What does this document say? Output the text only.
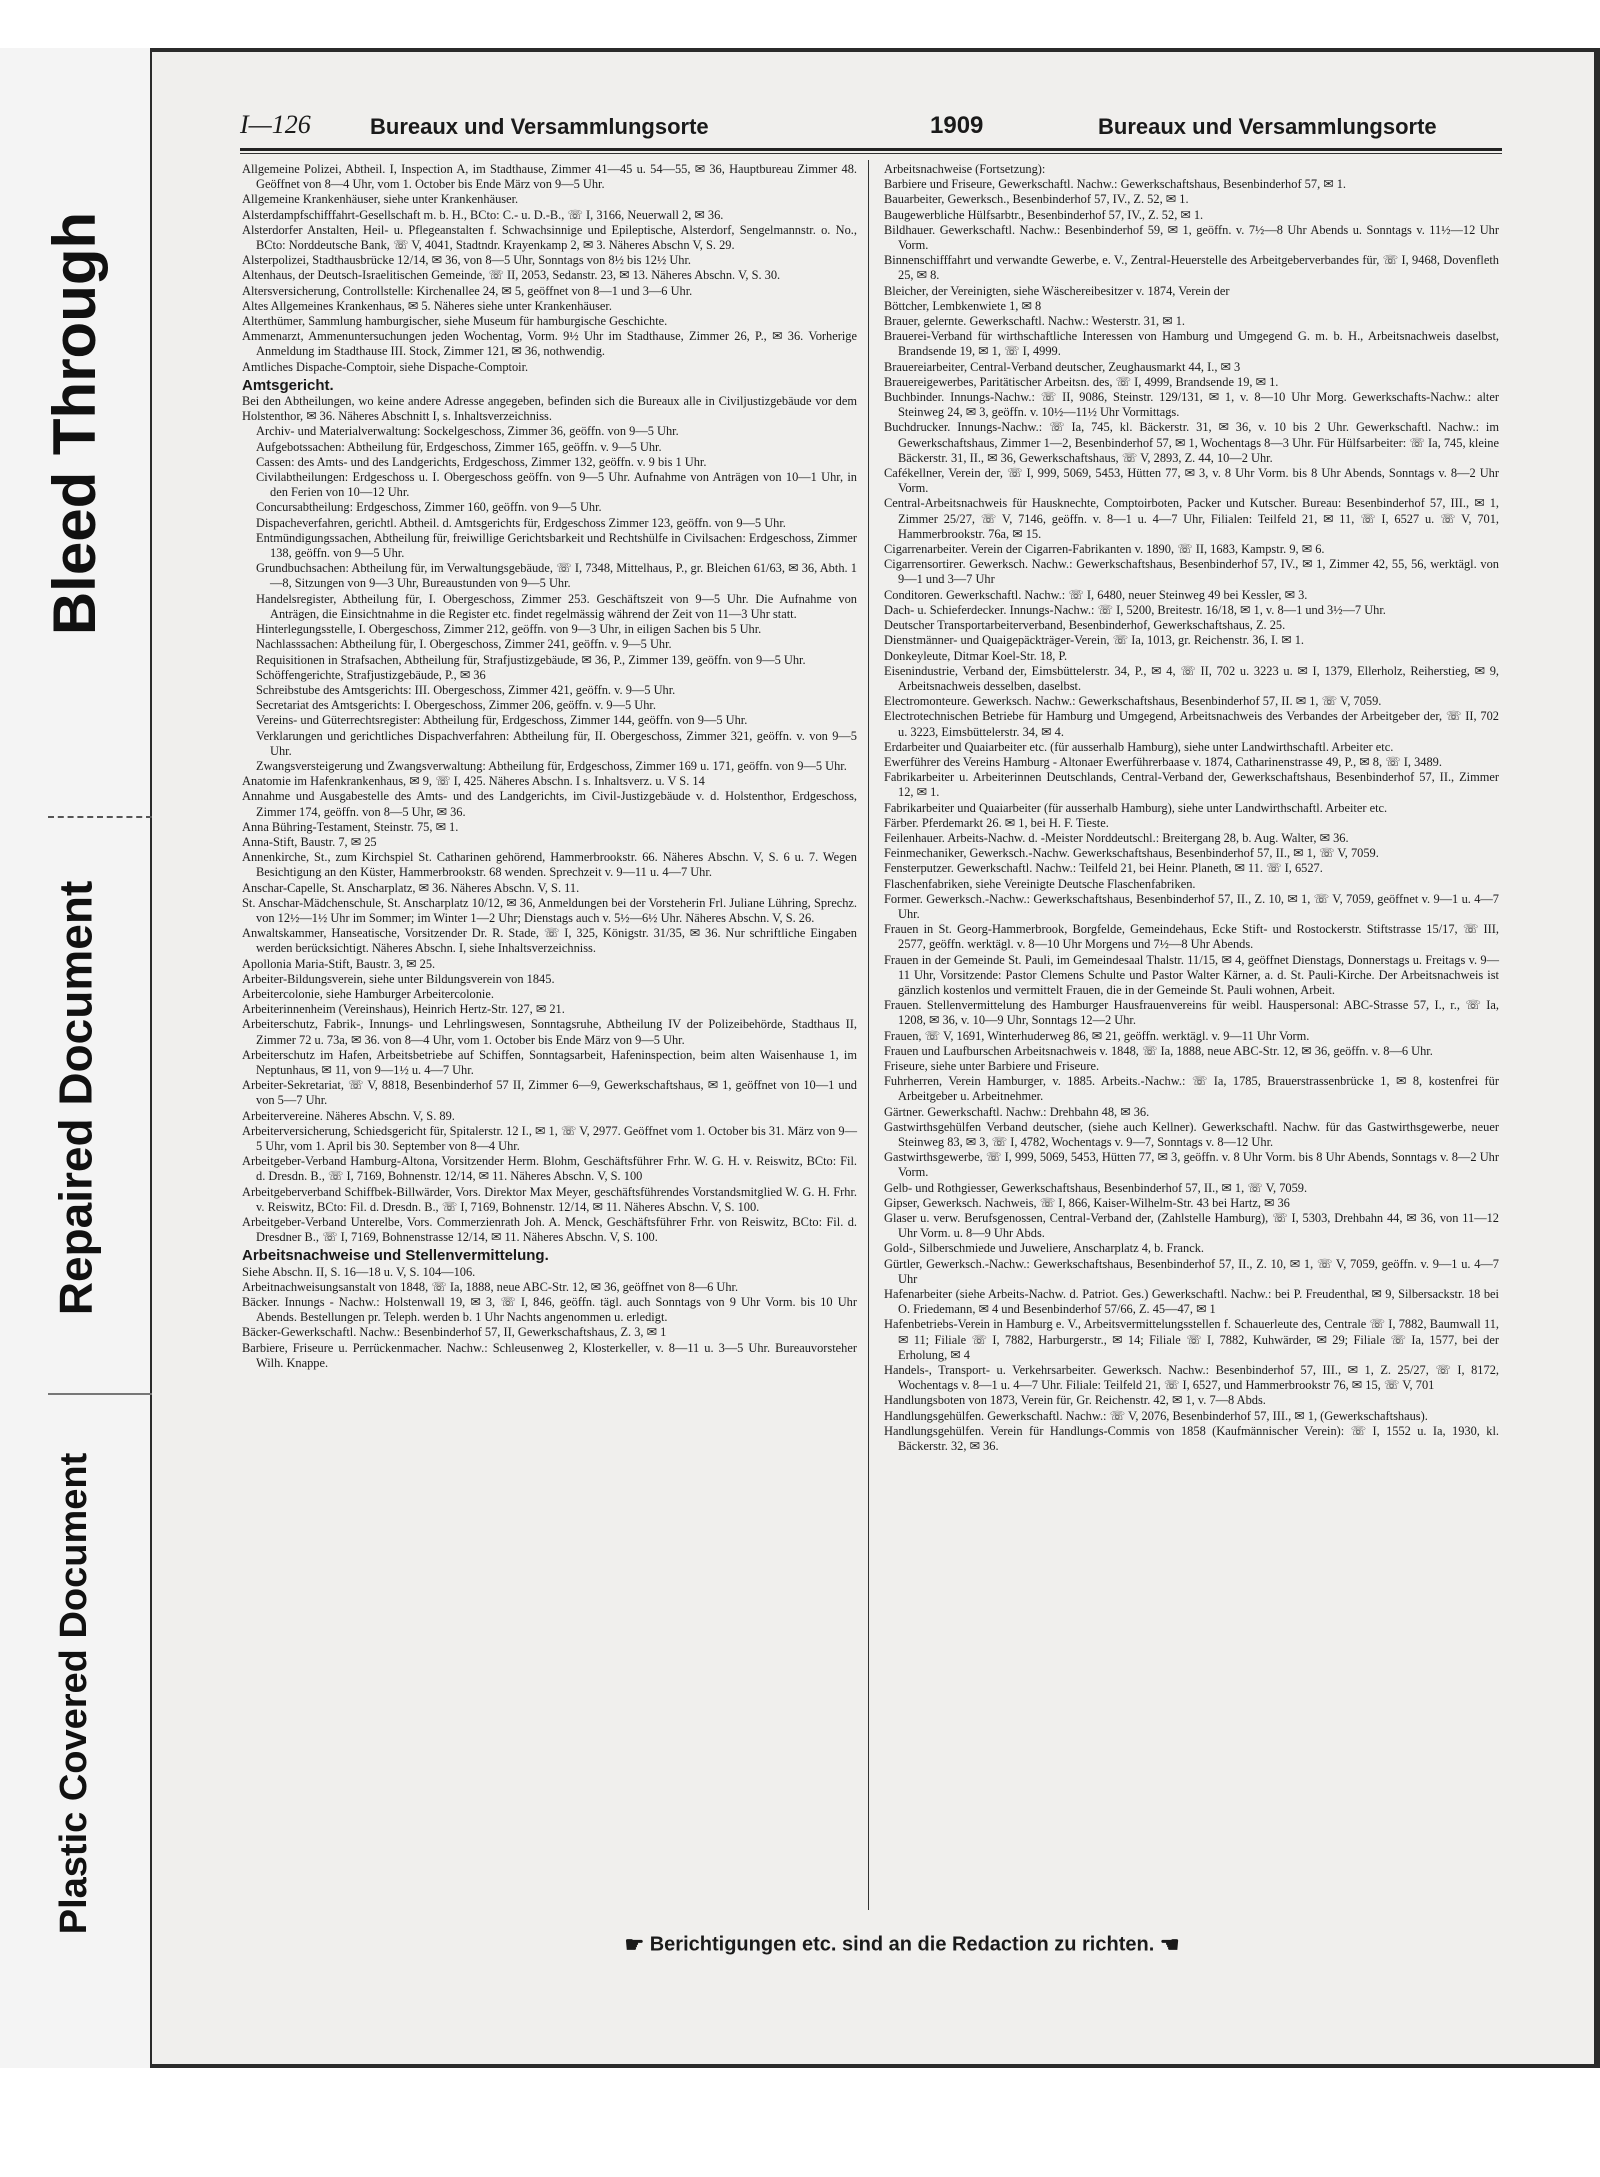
Bleed Through
Repaired Document
Plastic Covered Document
I—126	Bureaux und Versammlungsorte	1909	Bureaux und Versammlungsorte

Allgemeine Polizei, Abtheil. I, Inspection A, im Stadthause, Zimmer 41—45 u. 54—55, ✉ 36, Hauptbureau Zimmer 48. Geöffnet von 8—4 Uhr, vom 1. October bis Ende März von 9—5 Uhr.

Allgemeine Krankenhäuser, siehe unter Krankenhäuser.

Alsterdampfschifffahrt-Gesellschaft m. b. H., BCto: C.- u. D.-B., ☏ I, 3166, Neuerwall 2, ✉ 36.

Alsterdorfer Anstalten, Heil- u. Pflegeanstalten f. Schwachsinnige und Epileptische, Alsterdorf, Sengelmannstr. o. No., BCto: Norddeutsche Bank, ☏ V, 4041, Stadtndr. Krayenkamp 2, ✉ 3. Näheres Abschn V, S. 29.

Alsterpolizei, Stadthausbrücke 12/14, ✉ 36, von 8—5 Uhr, Sonntags von 8½ bis 12½ Uhr.

Altenhaus, der Deutsch-Israelitischen Gemeinde, ☏ II, 2053, Sedanstr. 23, ✉ 13. Näheres Abschn. V, S. 30.

Altersversicherung, Controllstelle: Kirchenallee 24, ✉ 5, geöffnet von 8—1 und 3—6 Uhr.

Altes Allgemeines Krankenhaus, ✉ 5. Näheres siehe unter Krankenhäuser.

Alterthümer, Sammlung hamburgischer, siehe Museum für hamburgische Geschichte.

Ammenarzt, Ammenuntersuchungen jeden Wochentag, Vorm. 9½ Uhr im Stadthause, Zimmer 26, P., ✉ 36. Vorherige Anmeldung im Stadthause III. Stock, Zimmer 121, ✉ 36, nothwendig.

Amtliches Dispache-Comptoir, siehe Dispache-Comptoir.

Amtsgericht.

Bei den Abtheilungen, wo keine andere Adresse angegeben, befinden sich die Bureaux alle in Civiljustizgebäude vor dem Holstenthor, ✉ 36. Näheres Abschnitt I, s. Inhaltsverzeichniss.

Archiv- und Materialverwaltung: Sockelgeschoss, Zimmer 36, geöffn. von 9—5 Uhr.

Aufgebotssachen: Abtheilung für, Erdgeschoss, Zimmer 165, geöffn. v. 9—5 Uhr.

Cassen: des Amts- und des Landgerichts, Erdgeschoss, Zimmer 132, geöffn. v. 9 bis 1 Uhr.

Civilabtheilungen: Erdgeschoss u. I. Obergeschoss geöffn. von 9—5 Uhr. Aufnahme von Anträgen von 10—1 Uhr, in den Ferien von 10—12 Uhr.

Concursabtheilung: Erdgeschoss, Zimmer 160, geöffn. von 9—5 Uhr.

Dispacheverfahren, gerichtl. Abtheil. d. Amtsgerichts für, Erdgeschoss Zimmer 123, geöffn. von 9—5 Uhr.

Entmündigungssachen, Abtheilung für, freiwillige Gerichtsbarkeit und Rechtshülfe in Civilsachen: Erdgeschoss, Zimmer 138, geöffn. von 9—5 Uhr.

Grundbuchsachen: Abtheilung für, im Verwaltungsgebäude, ☏ I, 7348, Mittelhaus, P., gr. Bleichen 61/63, ✉ 36, Abth. 1—8, Sitzungen von 9—3 Uhr, Bureaustunden von 9—5 Uhr.

Handelsregister, Abtheilung für, I. Obergeschoss, Zimmer 253. Geschäftszeit von 9—5 Uhr. Die Aufnahme von Anträgen, die Einsichtnahme in die Register etc. findet regelmässig während der Zeit von 11—3 Uhr statt.

Hinterlegungsstelle, I. Obergeschoss, Zimmer 212, geöffn. von 9—3 Uhr, in eiligen Sachen bis 5 Uhr.

Nachlasssachen: Abtheilung für, I. Obergeschoss, Zimmer 241, geöffn. v. 9—5 Uhr.

Requisitionen in Strafsachen, Abtheilung für, Strafjustizgebäude, ✉ 36, P., Zimmer 139, geöffn. von 9—5 Uhr.

Schöffengerichte, Strafjustizgebäude, P., ✉ 36

Schreibstube des Amtsgerichts: III. Obergeschoss, Zimmer 421, geöffn. v. 9—5 Uhr.

Secretariat des Amtsgerichts: I. Obergeschoss, Zimmer 206, geöffn. v. 9—5 Uhr.

Vereins- und Güterrechtsregister: Abtheilung für, Erdgeschoss, Zimmer 144, geöffn. von 9—5 Uhr.

Verklarungen und gerichtliches Dispachverfahren: Abtheilung für, II. Obergeschoss, Zimmer 321, geöffn. v. von 9—5 Uhr.

Zwangsversteigerung und Zwangsverwaltung: Abtheilung für, Erdgeschoss, Zimmer 169 u. 171, geöffn. von 9—5 Uhr.

Anatomie im Hafenkrankenhaus, ✉ 9, ☏ I, 425. Näheres Abschn. I s. Inhaltsverz. u. V S. 14

Annahme und Ausgabestelle des Amts- und des Landgerichts, im Civil-Justizgebäude v. d. Holstenthor, Erdgeschoss, Zimmer 174, geöffn. von 8—5 Uhr, ✉ 36.

Anna Bühring-Testament, Steinstr. 75, ✉ 1.

Anna-Stift, Baustr. 7, ✉ 25

Annenkirche, St., zum Kirchspiel St. Catharinen gehörend, Hammerbrookstr. 66. Näheres Abschn. V, S. 6 u. 7. Wegen Besichtigung an den Küster, Hammerbrookstr. 68 wenden. Sprechzeit v. 9—11 u. 4—7 Uhr.

Anschar-Capelle, St. Anscharplatz, ✉ 36. Näheres Abschn. V, S. 11.

St. Anschar-Mädchenschule, St. Anscharplatz 10/12, ✉ 36, Anmeldungen bei der Vorsteherin Frl. Juliane Lühring, Sprechz. von 12½—1½ Uhr im Sommer; im Winter 1—2 Uhr; Dienstags auch v. 5½—6½ Uhr. Näheres Abschn. V, S. 26.

Anwaltskammer, Hanseatische, Vorsitzender Dr. R. Stade, ☏ I, 325, Königstr. 31/35, ✉ 36. Nur schriftliche Eingaben werden berücksichtigt. Näheres Abschn. I, siehe Inhaltsverzeichniss.

Apollonia Maria-Stift, Baustr. 3, ✉ 25.

Arbeiter-Bildungsverein, siehe unter Bildungsverein von 1845.

Arbeitercolonie, siehe Hamburger Arbeitercolonie.

Arbeiterinnenheim (Vereinshaus), Heinrich Hertz-Str. 127, ✉ 21.

Arbeiterschutz, Fabrik-, Innungs- und Lehrlingswesen, Sonntagsruhe, Abtheilung IV der Polizeibehörde, Stadthaus II, Zimmer 72 u. 73a, ✉ 36. von 8—4 Uhr, vom 1. October bis Ende März von 9—5 Uhr.

Arbeiterschutz im Hafen, Arbeitsbetriebe auf Schiffen, Sonntagsarbeit, Hafeninspection, beim alten Waisenhause 1, im Neptunhaus, ✉ 11, von 9—1½ u. 4—7 Uhr.

Arbeiter-Sekretariat, ☏ V, 8818, Besenbinderhof 57 II, Zimmer 6—9, Gewerkschaftshaus, ✉ 1, geöffnet von 10—1 und von 5—7 Uhr.

Arbeitervereine. Näheres Abschn. V, S. 89.

Arbeiterversicherung, Schiedsgericht für, Spitalerstr. 12 I., ✉ 1, ☏ V, 2977. Geöffnet vom 1. October bis 31. März von 9—5 Uhr, vom 1. April bis 30. September von 8—4 Uhr.

Arbeitgeber-Verband Hamburg-Altona, Vorsitzender Herm. Blohm, Geschäftsführer Frhr. W. G. H. v. Reiswitz, BCto: Fil. d. Dresdn. B., ☏ I, 7169, Bohnenstr. 12/14, ✉ 11. Näheres Abschn. V, S. 100

Arbeitgeberverband Schiffbek-Billwärder, Vors. Direktor Max Meyer, geschäftsführendes Vorstandsmitglied W. G. H. Frhr. v. Reiswitz, BCto: Fil. d. Dresdn. B., ☏ I, 7169, Bohnenstr. 12/14, ✉ 11. Näheres Abschn. V, S. 100.

Arbeitgeber-Verband Unterelbe, Vors. Commerzienrath Joh. A. Menck, Geschäftsführer Frhr. von Reiswitz, BCto: Fil. d. Dresdner B., ☏ I, 7169, Bohnenstrasse 12/14, ✉ 11. Näheres Abschn. V, S. 100.

Arbeitsnachweise und Stellenvermittelung.

Siehe Abschn. II, S. 16—18 u. V, S. 104—106.

Arbeitnachweisungsanstalt von 1848, ☏ Ia, 1888, neue ABC-Str. 12, ✉ 36, geöffnet von 8—6 Uhr.

Bäcker. Innungs - Nachw.: Holstenwall 19, ✉ 3, ☏ I, 846, geöffn. tägl. auch Sonntags von 9 Uhr Vorm. bis 10 Uhr Abends. Bestellungen pr. Teleph. werden b. 1 Uhr Nachts angenommen u. erledigt.

Bäcker-Gewerkschaftl. Nachw.: Besenbinderhof 57, II, Gewerkschaftshaus, Z. 3, ✉ 1

Barbiere, Friseure u. Perrückenmacher. Nachw.: Schleusenweg 2, Klosterkeller, v. 8—11 u. 3—5 Uhr. Bureauvorsteher Wilh. Knappe.

Arbeitsnachweise (Fortsetzung):

Barbiere und Friseure, Gewerkschaftl. Nachw.: Gewerkschaftshaus, Besenbinderhof 57, ✉ 1.

Bauarbeiter, Gewerksch., Besenbinderhof 57, IV., Z. 52, ✉ 1.

Baugewerbliche Hülfsarbtr., Besenbinderhof 57, IV., Z. 52, ✉ 1.

Bildhauer. Gewerkschaftl. Nachw.: Besenbinderhof 59, ✉ 1, geöffn. v. 7½—8 Uhr Abends u. Sonntags v. 11½—12 Uhr Vorm.

Binnenschifffahrt und verwandte Gewerbe, e. V., Zentral-Heuerstelle des Arbeitgeberverbandes für, ☏ I, 9468, Dovenfleth 25, ✉ 8.

Bleicher, der Vereinigten, siehe Wäschereibesitzer v. 1874, Verein der

Böttcher, Lembkenwiete 1, ✉ 8

Brauer, gelernte. Gewerkschaftl. Nachw.: Westerstr. 31, ✉ 1.

Brauerei-Verband für wirthschaftliche Interessen von Hamburg und Umgegend G. m. b. H., Arbeitsnachweis daselbst, Brandsende 19, ✉ 1, ☏ I, 4999.

Brauereiarbeiter, Central-Verband deutscher, Zeughausmarkt 44, I., ✉ 3

Brauereigewerbes, Paritätischer Arbeitsn. des, ☏ I, 4999, Brandsende 19, ✉ 1.

Buchbinder. Innungs-Nachw.: ☏ II, 9086, Steinstr. 129/131, ✉ 1, v. 8—10 Uhr Morg. Gewerkschafts-Nachw.: alter Steinweg 24, ✉ 3, geöffn. v. 10½—11½ Uhr Vormittags.

Buchdrucker. Innungs-Nachw.: ☏ Ia, 745, kl. Bäckerstr. 31, ✉ 36, v. 10 bis 2 Uhr. Gewerkschaftl. Nachw.: im Gewerkschaftshaus, Zimmer 1—2, Besenbinderhof 57, ✉ 1, Wochentags 8—3 Uhr. Für Hülfsarbeiter: ☏ Ia, 745, kleine Bäckerstr. 31, II., ✉ 36, Gewerkschaftshaus, ☏ V, 2893, Z. 44, 10—2 Uhr.

Cafékellner, Verein der, ☏ I, 999, 5069, 5453, Hütten 77, ✉ 3, v. 8 Uhr Vorm. bis 8 Uhr Abends, Sonntags v. 8—2 Uhr Vorm.

Central-Arbeitsnachweis für Hausknechte, Comptoirboten, Packer und Kutscher. Bureau: Besenbinderhof 57, III., ✉ 1, Zimmer 25/27, ☏ V, 7146, geöffn. v. 8—1 u. 4—7 Uhr, Filialen: Teilfeld 21, ✉ 11, ☏ I, 6527 u. ☏ V, 701, Hammerbrookstr. 76a, ✉ 15.

Cigarrenarbeiter. Verein der Cigarren-Fabrikanten v. 1890, ☏ II, 1683, Kampstr. 9, ✉ 6.

Cigarrensortirer. Gewerksch. Nachw.: Gewerkschaftshaus, Besenbinderhof 57, IV., ✉ 1, Zimmer 42, 55, 56, werktägl. von 9—1 und 3—7 Uhr

Conditoren. Gewerkschaftl. Nachw.: ☏ I, 6480, neuer Steinweg 49 bei Kessler, ✉ 3.

Dach- u. Schieferdecker. Innungs-Nachw.: ☏ I, 5200, Breitestr. 16/18, ✉ 1, v. 8—1 und 3½—7 Uhr.

Deutscher Transportarbeiterverband, Besenbinderhof, Gewerkschaftshaus, Z. 25.

Dienstmänner- und Quaigepäckträger-Verein, ☏ Ia, 1013, gr. Reichenstr. 36, I. ✉ 1.

Donkeyleute, Ditmar Koel-Str. 18, P.

Eisenindustrie, Verband der, Eimsbüttelerstr. 34, P., ✉ 4, ☏ II, 702 u. 3223 u. ✉ I, 1379, Ellerholz, Reiherstieg, ✉ 9, Arbeitsnachweis desselben, daselbst.

Electromonteure. Gewerksch. Nachw.: Gewerkschaftshaus, Besenbinderhof 57, II. ✉ 1, ☏ V, 7059.

Electrotechnischen Betriebe für Hamburg und Umgegend, Arbeitsnachweis des Verbandes der Arbeitgeber der, ☏ II, 702 u. 3223, Eimsbüttelerstr. 34, ✉ 4.

Erdarbeiter und Quaiarbeiter etc. (für ausserhalb Hamburg), siehe unter Landwirthschaftl. Arbeiter etc.

Ewerführer des Vereins Hamburg - Altonaer Ewerführerbaase v. 1874, Catharinenstrasse 49, P., ✉ 8, ☏ I, 3489.

Fabrikarbeiter u. Arbeiterinnen Deutschlands, Central-Verband der, Gewerkschaftshaus, Besenbinderhof 57, II., Zimmer 12, ✉ 1.

Fabrikarbeiter und Quaiarbeiter (für ausserhalb Hamburg), siehe unter Landwirthschaftl. Arbeiter etc.

Färber. Pferdemarkt 26. ✉ 1, bei H. F. Tieste.

Feilenhauer. Arbeits-Nachw. d. -Meister Norddeutschl.: Breitergang 28, b. Aug. Walter, ✉ 36.

Feinmechaniker, Gewerksch.-Nachw. Gewerkschaftshaus, Besenbinderhof 57, II., ✉ 1, ☏ V, 7059.

Fensterputzer. Gewerkschaftl. Nachw.: Teilfeld 21, bei Heinr. Planeth, ✉ 11. ☏ I, 6527.

Flaschenfabriken, siehe Vereinigte Deutsche Flaschenfabriken.

Former. Gewerksch.-Nachw.: Gewerkschaftshaus, Besenbinderhof 57, II., Z. 10, ✉ 1, ☏ V, 7059, geöffnet v. 9—1 u. 4—7 Uhr.

Frauen in St. Georg-Hammerbrook, Borgfelde, Gemeindehaus, Ecke Stift- und Rostockerstr. Stiftstrasse 15/17, ☏ III, 2577, geöffn. werktägl. v. 8—10 Uhr Morgens und 7½—8 Uhr Abends.

Frauen in der Gemeinde St. Pauli, im Gemeindesaal Thalstr. 11/15, ✉ 4, geöffnet Dienstags, Donnerstags u. Freitags v. 9—11 Uhr, Vorsitzende: Pastor Clemens Schulte und Pastor Walter Kärner, a. d. St. Pauli-Kirche. Der Arbeitsnachweis ist gänzlich kostenlos und vermittelt Frauen, die in der Gemeinde St. Pauli wohnen, Arbeit.

Frauen. Stellenvermittelung des Hamburger Hausfrauenvereins für weibl. Hauspersonal: ABC-Strasse 57, I., r., ☏ Ia, 1208, ✉ 36, v. 10—9 Uhr, Sonntags 12—2 Uhr.

Frauen, ☏ V, 1691, Winterhuderweg 86, ✉ 21, geöffn. werktägl. v. 9—11 Uhr Vorm.

Frauen und Laufburschen Arbeitsnachweis v. 1848, ☏ Ia, 1888, neue ABC-Str. 12, ✉ 36, geöffn. v. 8—6 Uhr.

Friseure, siehe unter Barbiere und Friseure.

Fuhrherren, Verein Hamburger, v. 1885. Arbeits.-Nachw.: ☏ Ia, 1785, Brauerstrassenbrücke 1, ✉ 8, kostenfrei für Arbeitgeber u. Arbeitnehmer.

Gärtner. Gewerkschaftl. Nachw.: Drehbahn 48, ✉ 36.

Gastwirthsgehülfen Verband deutscher, (siehe auch Kellner). Gewerkschaftl. Nachw. für das Gastwirthsgewerbe, neuer Steinweg 83, ✉ 3, ☏ I, 4782, Wochentags v. 9—7, Sonntags v. 8—12 Uhr.

Gastwirthsgewerbe, ☏ I, 999, 5069, 5453, Hütten 77, ✉ 3, geöffn. v. 8 Uhr Vorm. bis 8 Uhr Abends, Sonntags v. 8—2 Uhr Vorm.

Gelb- und Rothgiesser, Gewerkschaftshaus, Besenbinderhof 57, II., ✉ 1, ☏ V, 7059.

Gipser, Gewerksch. Nachweis, ☏ I, 866, Kaiser-Wilhelm-Str. 43 bei Hartz, ✉ 36

Glaser u. verw. Berufsgenossen, Central-Verband der, (Zahlstelle Hamburg), ☏ I, 5303, Drehbahn 44, ✉ 36, von 11—12 Uhr Vorm. u. 8—9 Uhr Abds.

Gold-, Silberschmiede und Juweliere, Anscharplatz 4, b. Franck.

Gürtler, Gewerksch.-Nachw.: Gewerkschaftshaus, Besenbinderhof 57, II., Z. 10, ✉ 1, ☏ V, 7059, geöffn. v. 9—1 u. 4—7 Uhr

Hafenarbeiter (siehe Arbeits-Nachw. d. Patriot. Ges.) Gewerkschaftl. Nachw.: bei P. Freudenthal, ✉ 9, Silbersackstr. 18 bei O. Friedemann, ✉ 4 und Besenbinderhof 57/66, Z. 45—47, ✉ 1

Hafenbetriebs-Verein in Hamburg e. V., Arbeitsvermittelungsstellen f. Schauerleute des, Centrale ☏ I, 7882, Baumwall 11, ✉ 11; Filiale ☏ I, 7882, Harburgerstr., ✉ 14; Filiale ☏ I, 7882, Kuhwärder, ✉ 29; Filiale ☏ Ia, 1577, bei der Erholung, ✉ 4

Handels-, Transport- u. Verkehrsarbeiter. Gewerksch. Nachw.: Besenbinderhof 57, III., ✉ 1, Z. 25/27, ☏ I, 8172, Wochentags v. 8—1 u. 4—7 Uhr. Filiale: Teilfeld 21, ☏ I, 6527, und Hammerbrookstr 76, ✉ 15, ☏ V, 701

Handlungsboten von 1873, Verein für, Gr. Reichenstr. 42, ✉ 1, v. 7—8 Abds.

Handlungsgehülfen. Gewerkschaftl. Nachw.: ☏ V, 2076, Besenbinderhof 57, III., ✉ 1, (Gewerkschaftshaus).

Handlungsgehülfen. Verein für Handlungs-Commis von 1858 (Kaufmännischer Verein): ☏ I, 1552 u. Ia, 1930, kl. Bäckerstr. 32, ✉ 36.

☛ Berichtigungen etc. sind an die Redaction zu richten. ☚
